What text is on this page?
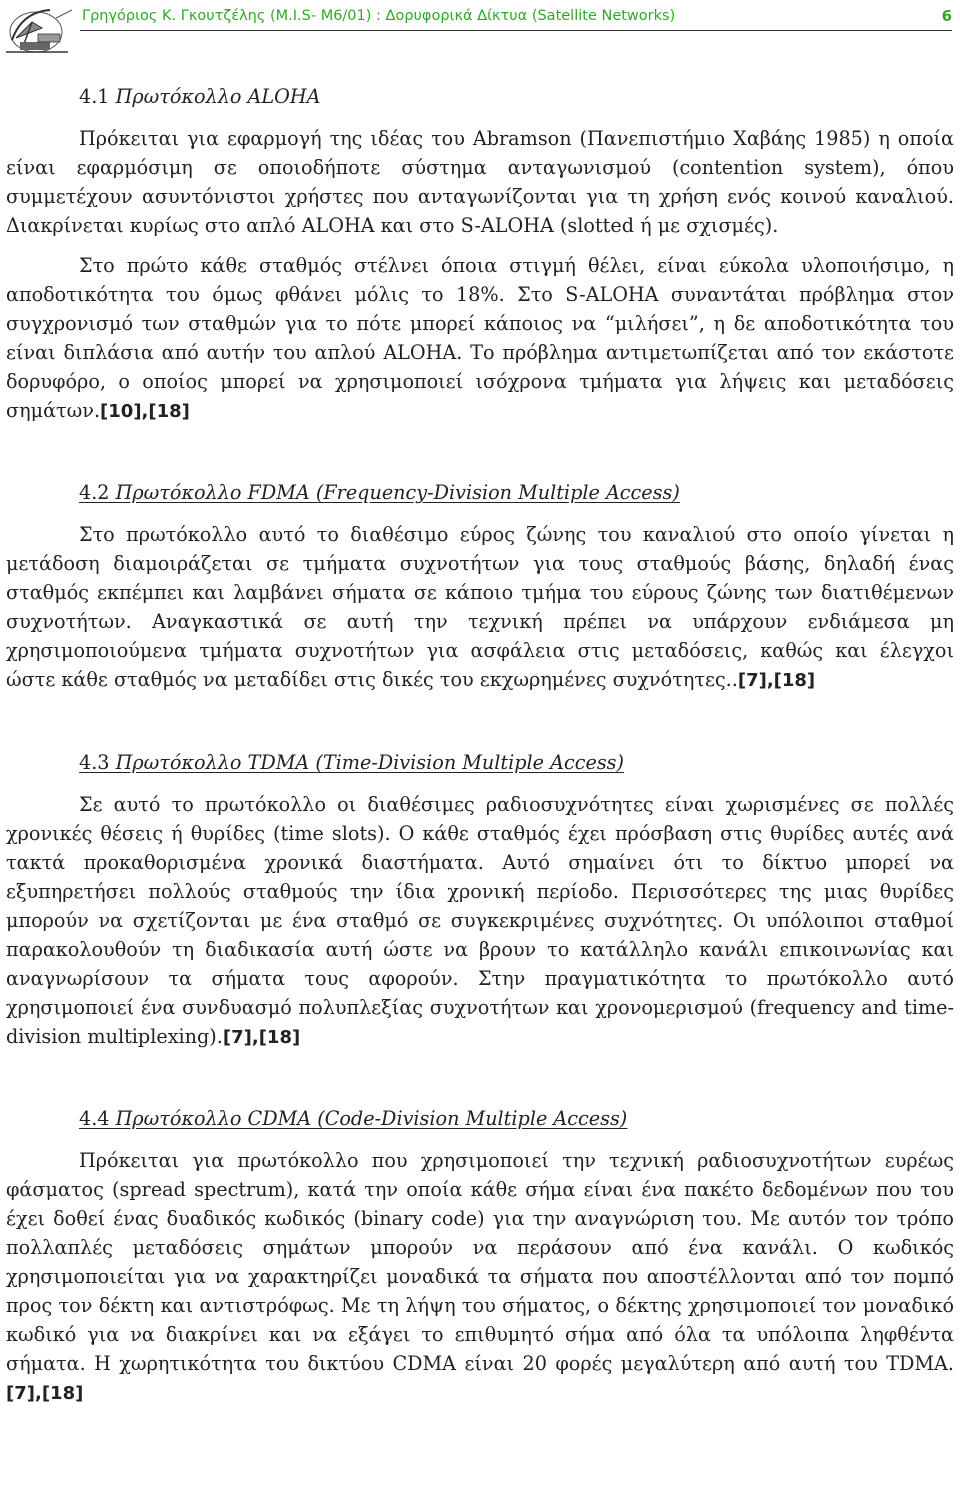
Γρηγόριος Κ. Γκουτζέλης (Μ.Ι.S- Μ6/01) : Δορυφορικά Δίκτυα (Satellite Networks)	6
4.1 Πρωτόκολλο ALOHA

Πρόκειται για εφαρμογή της ιδέας του Abramson (Πανεπιστήμιο Χαβάης 1985) η οποία είναι εφαρμόσιμη σε οποιοδήποτε σύστημα ανταγωνισμού (contention system), όπου συμμετέχουν ασυντόνιστοι χρήστες που ανταγωνίζονται για τη χρήση ενός κοινού καναλιού. Διακρίνεται κυρίως στο απλό ALOHA και στο S-ALOHA (slotted ή με σχισμές).

Στο πρώτο κάθε σταθμός στέλνει όποια στιγμή θέλει, είναι εύκολα υλοποιήσιμο, η αποδοτικότητα του όμως φθάνει μόλις το 18%. Στο S-ALOHA συναντάται πρόβλημα στον συγχρονισμό των σταθμών για το πότε μπορεί κάποιος να “μιλήσει”, η δε αποδοτικότητα του είναι διπλάσια από αυτήν του απλού ALOHA. Το πρόβλημα αντιμετωπίζεται από τον εκάστοτε δορυφόρο, ο οποίος μπορεί να χρησιμοποιεί ισόχρονα τμήματα για λήψεις και μεταδόσεις σημάτων.[10],[18]

4.2 Πρωτόκολλο FDMA (Frequency-Division Multiple Access)

Στο πρωτόκολλο αυτό το διαθέσιμο εύρος ζώνης του καναλιού στο οποίο γίνεται η μετάδοση διαμοιράζεται σε τμήματα συχνοτήτων για τους σταθμούς βάσης, δηλαδή ένας σταθμός εκπέμπει και λαμβάνει σήματα σε κάποιο τμήμα του εύρους ζώνης των διατιθέμενων συχνοτήτων. Αναγκαστικά σε αυτή την τεχνική πρέπει να υπάρχουν ενδιάμεσα μη χρησιμοποιούμενα τμήματα συχνοτήτων για ασφάλεια στις μεταδόσεις, καθώς και έλεγχοι ώστε κάθε σταθμός να μεταδίδει στις δικές του εκχωρημένες συχνότητες..[7],[18]

4.3 Πρωτόκολλο TDMA (Time-Division Multiple Access)

Σε αυτό το πρωτόκολλο οι διαθέσιμες ραδιοσυχνότητες είναι χωρισμένες σε πολλές χρονικές θέσεις ή θυρίδες (time slots). Ο κάθε σταθμός έχει πρόσβαση στις θυρίδες αυτές ανά τακτά προκαθορισμένα χρονικά διαστήματα. Αυτό σημαίνει ότι το δίκτυο μπορεί να εξυπηρετήσει πολλούς σταθμούς την ίδια χρονική περίοδο. Περισσότερες της μιας θυρίδες μπορούν να σχετίζονται με ένα σταθμό σε συγκεκριμένες συχνότητες. Οι υπόλοιποι σταθμοί παρακολουθούν τη διαδικασία αυτή ώστε να βρουν το κατάλληλο κανάλι επικοινωνίας και αναγνωρίσουν τα σήματα τους αφορούν. Στην πραγματικότητα το πρωτόκολλο αυτό χρησιμοποιεί ένα συνδυασμό πολυπλεξίας συχνοτήτων και χρονομερισμού (frequency and time-division multiplexing).[7],[18]

4.4 Πρωτόκολλο CDMA (Code-Division Multiple Access)

Πρόκειται για πρωτόκολλο που χρησιμοποιεί την τεχνική ραδιοσυχνοτήτων ευρέως φάσματος (spread spectrum), κατά την οποία κάθε σήμα είναι ένα πακέτο δεδομένων που του έχει δοθεί ένας δυαδικός κωδικός (binary code) για την αναγνώριση του. Με αυτόν τον τρόπο πολλαπλές μεταδόσεις σημάτων μπορούν να περάσουν από ένα κανάλι. Ο κωδικός χρησιμοποιείται για να χαρακτηρίζει μοναδικά τα σήματα που αποστέλλονται από τον πομπό προς τον δέκτη και αντιστρόφως. Με τη λήψη του σήματος, ο δέκτης χρησιμοποιεί τον μοναδικό κωδικό για να διακρίνει και να εξάγει το επιθυμητό σήμα από όλα τα υπόλοιπα ληφθέντα σήματα. Η χωρητικότητα του δικτύου CDMA είναι 20 φορές μεγαλύτερη από αυτή του TDMA.[7],[18]
